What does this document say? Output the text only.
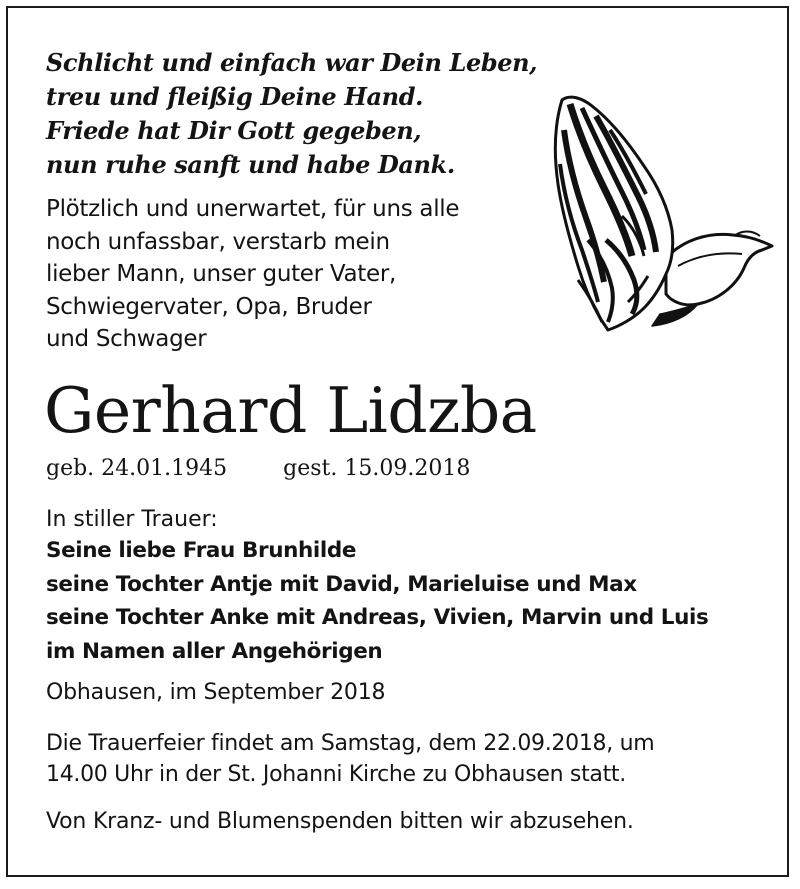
Schlicht und einfach war Dein Leben,
treu und fleißig Deine Hand.
Friede hat Dir Gott gegeben,
nun ruhe sanft und habe Dank.
Plötzlich und unerwartet, für uns alle
noch unfassbar, verstarb mein
lieber Mann, unser guter Vater,
Schwiegervater, Opa, Bruder
und Schwager
Gerhard Lidzba
geb. 24.01.1945	gest. 15.09.2018
In stiller Trauer:
Seine liebe Frau Brunhilde
seine Tochter Antje mit David, Marieluise und Max
seine Tochter Anke mit Andreas, Vivien, Marvin und Luis
im Namen aller Angehörigen
Obhausen, im September 2018
Die Trauerfeier findet am Samstag, dem 22.09.2018, um
14.00 Uhr in der St. Johanni Kirche zu Obhausen statt.
Von Kranz- und Blumenspenden bitten wir abzusehen.
